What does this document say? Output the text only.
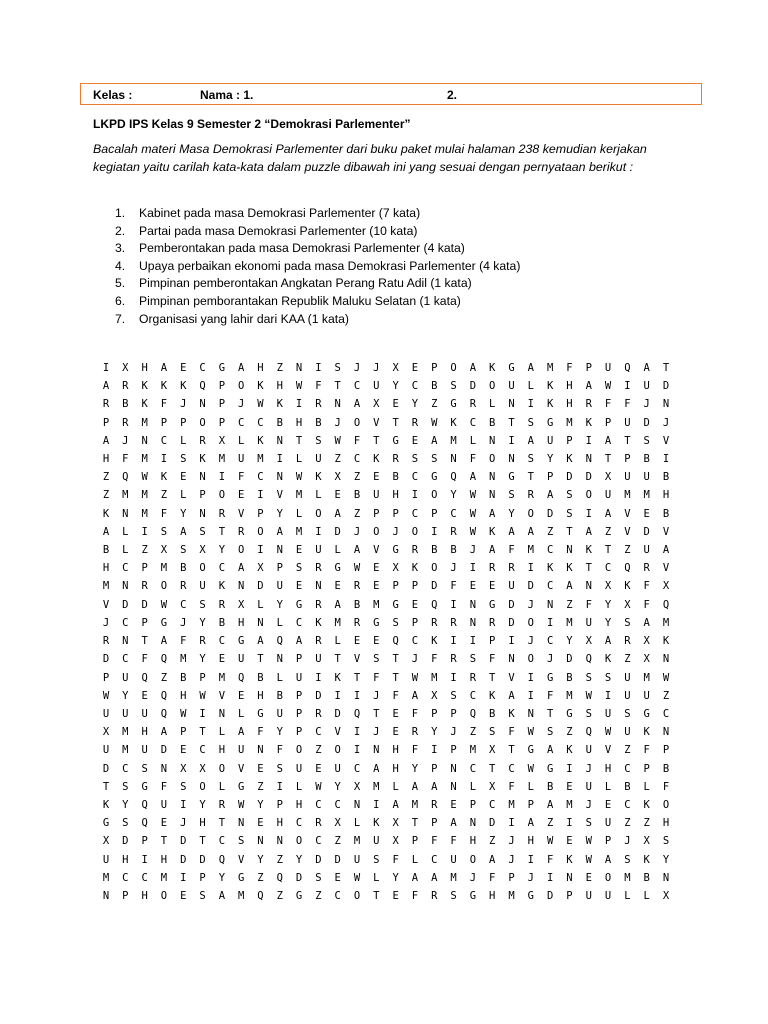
Kelas :	Nama : 1.	2.
LKPD IPS Kelas 9 Semester 2 “Demokrasi Parlementer”
Bacalah materi Masa Demokrasi Parlementer dari buku paket mulai halaman 238 kemudian kerjakan kegiatan yaitu carilah kata-kata dalam puzzle dibawah ini yang sesuai dengan pernyataan berikut :
1. Kabinet pada masa Demokrasi Parlementer (7 kata)
2. Partai pada masa Demokrasi Parlementer (10 kata)
3. Pemberontakan pada masa Demokrasi Parlementer (4 kata)
4. Upaya perbaikan ekonomi pada masa Demokrasi Parlementer (4 kata)
5. Pimpinan pemberontakan Angkatan Perang Ratu Adil (1 kata)
6. Pimpinan pemborantakan Republik Maluku Selatan (1 kata)
7. Organisasi yang lahir dari KAA (1 kata)
I	X	H	A	E	C	G	A	H	Z	N	I	S	J	J	X	E	P	O	A	K	G	A	M	F	P	U	Q	A	T
A	R	K	K	K	Q	P	O	K	H	W	F	T	C	U	Y	C	B	S	D	O	U	L	K	H	A	W	I	U	D
R	B	K	F	J	N	P	J	W	K	I	R	N	A	X	E	Y	Z	G	R	L	N	I	K	H	R	F	F	J	N
P	R	M	P	P	O	P	C	C	B	H	B	J	O	V	T	R	W	K	C	B	T	S	G	M	K	P	U	D	J
A	J	N	C	L	R	X	L	K	N	T	S	W	F	T	G	E	A	M	L	N	I	A	U	P	I	A	T	S	V
H	F	M	I	S	K	M	U	M	I	L	U	Z	C	K	R	S	S	N	F	O	N	S	Y	K	N	T	P	B	I
Z	Q	W	K	E	N	I	F	C	N	W	K	X	Z	E	B	C	G	Q	A	N	G	T	P	D	D	X	U	U	B
Z	M	M	Z	L	P	O	E	I	V	M	L	E	B	U	H	I	O	Y	W	N	S	R	A	S	O	U	M	M	H
K	N	M	F	Y	N	R	V	P	Y	L	O	A	Z	P	P	C	P	C	W	A	Y	O	D	S	I	A	V	E	B
A	L	I	S	A	S	T	R	O	A	M	I	D	J	O	J	O	I	R	W	K	A	A	Z	T	A	Z	V	D	V
B	L	Z	X	S	X	Y	O	I	N	E	U	L	A	V	G	R	B	B	J	A	F	M	C	N	K	T	Z	U	A
H	C	P	M	B	O	C	A	X	P	S	R	G	W	E	X	K	O	J	I	R	R	I	K	K	T	C	Q	R	V
M	N	R	O	R	U	K	N	D	U	E	N	E	R	E	P	P	D	F	E	E	U	D	C	A	N	X	K	F	X
V	D	D	W	C	S	R	X	L	Y	G	R	A	B	M	G	E	Q	I	N	G	D	J	N	Z	F	Y	X	F	Q
J	C	P	G	J	Y	B	H	N	L	C	K	M	R	G	S	P	R	R	N	R	D	O	I	M	U	Y	S	A	M
R	N	T	A	F	R	C	G	A	Q	A	R	L	E	E	Q	C	K	I	I	P	I	J	C	Y	X	A	R	X	K
D	C	F	Q	M	Y	E	U	T	N	P	U	T	V	S	T	J	F	R	S	F	N	O	J	D	Q	K	Z	X	N
P	U	Q	Z	B	P	M	Q	B	L	U	I	K	T	F	T	W	M	I	R	T	V	I	G	B	S	S	U	M	W
W	Y	E	Q	H	W	V	E	H	B	P	D	I	I	J	F	A	X	S	C	K	A	I	F	M	W	I	U	U	Z
U	U	U	Q	W	I	N	L	G	U	P	R	D	Q	T	E	F	P	P	Q	B	K	N	T	G	S	U	S	G	C
X	M	H	A	P	T	L	A	F	Y	P	C	V	I	J	E	R	Y	J	Z	S	F	W	S	Z	Q	W	U	K	N
U	M	U	D	E	C	H	U	N	F	O	Z	O	I	N	H	F	I	P	M	X	T	G	A	K	U	V	Z	F	P
D	C	S	N	X	X	O	V	E	S	U	E	U	C	A	H	Y	P	N	C	T	C	W	G	I	J	H	C	P	B
T	S	G	F	S	O	L	G	Z	I	L	W	Y	X	M	L	A	A	N	L	X	F	L	B	E	U	L	B	L	F
K	Y	Q	U	I	Y	R	W	Y	P	H	C	C	N	I	A	M	R	E	P	C	M	P	A	M	J	E	C	K	O
G	S	Q	E	J	H	T	N	E	H	C	R	X	L	K	X	T	P	A	N	D	I	A	Z	I	S	U	Z	Z	H
X	D	P	T	D	T	C	S	N	N	O	C	Z	M	U	X	P	F	F	H	Z	J	H	W	E	W	P	J	X	S
U	H	I	H	D	D	Q	V	Y	Z	Y	D	D	U	S	F	L	C	U	O	A	J	I	F	K	W	A	S	K	Y
M	C	C	M	I	P	Y	G	Z	Q	D	S	E	W	L	Y	A	A	M	J	F	P	J	I	N	E	O	M	B	N
N	P	H	O	E	S	A	M	Q	Z	G	Z	C	O	T	E	F	R	S	G	H	M	G	D	P	U	U	L	L	X
